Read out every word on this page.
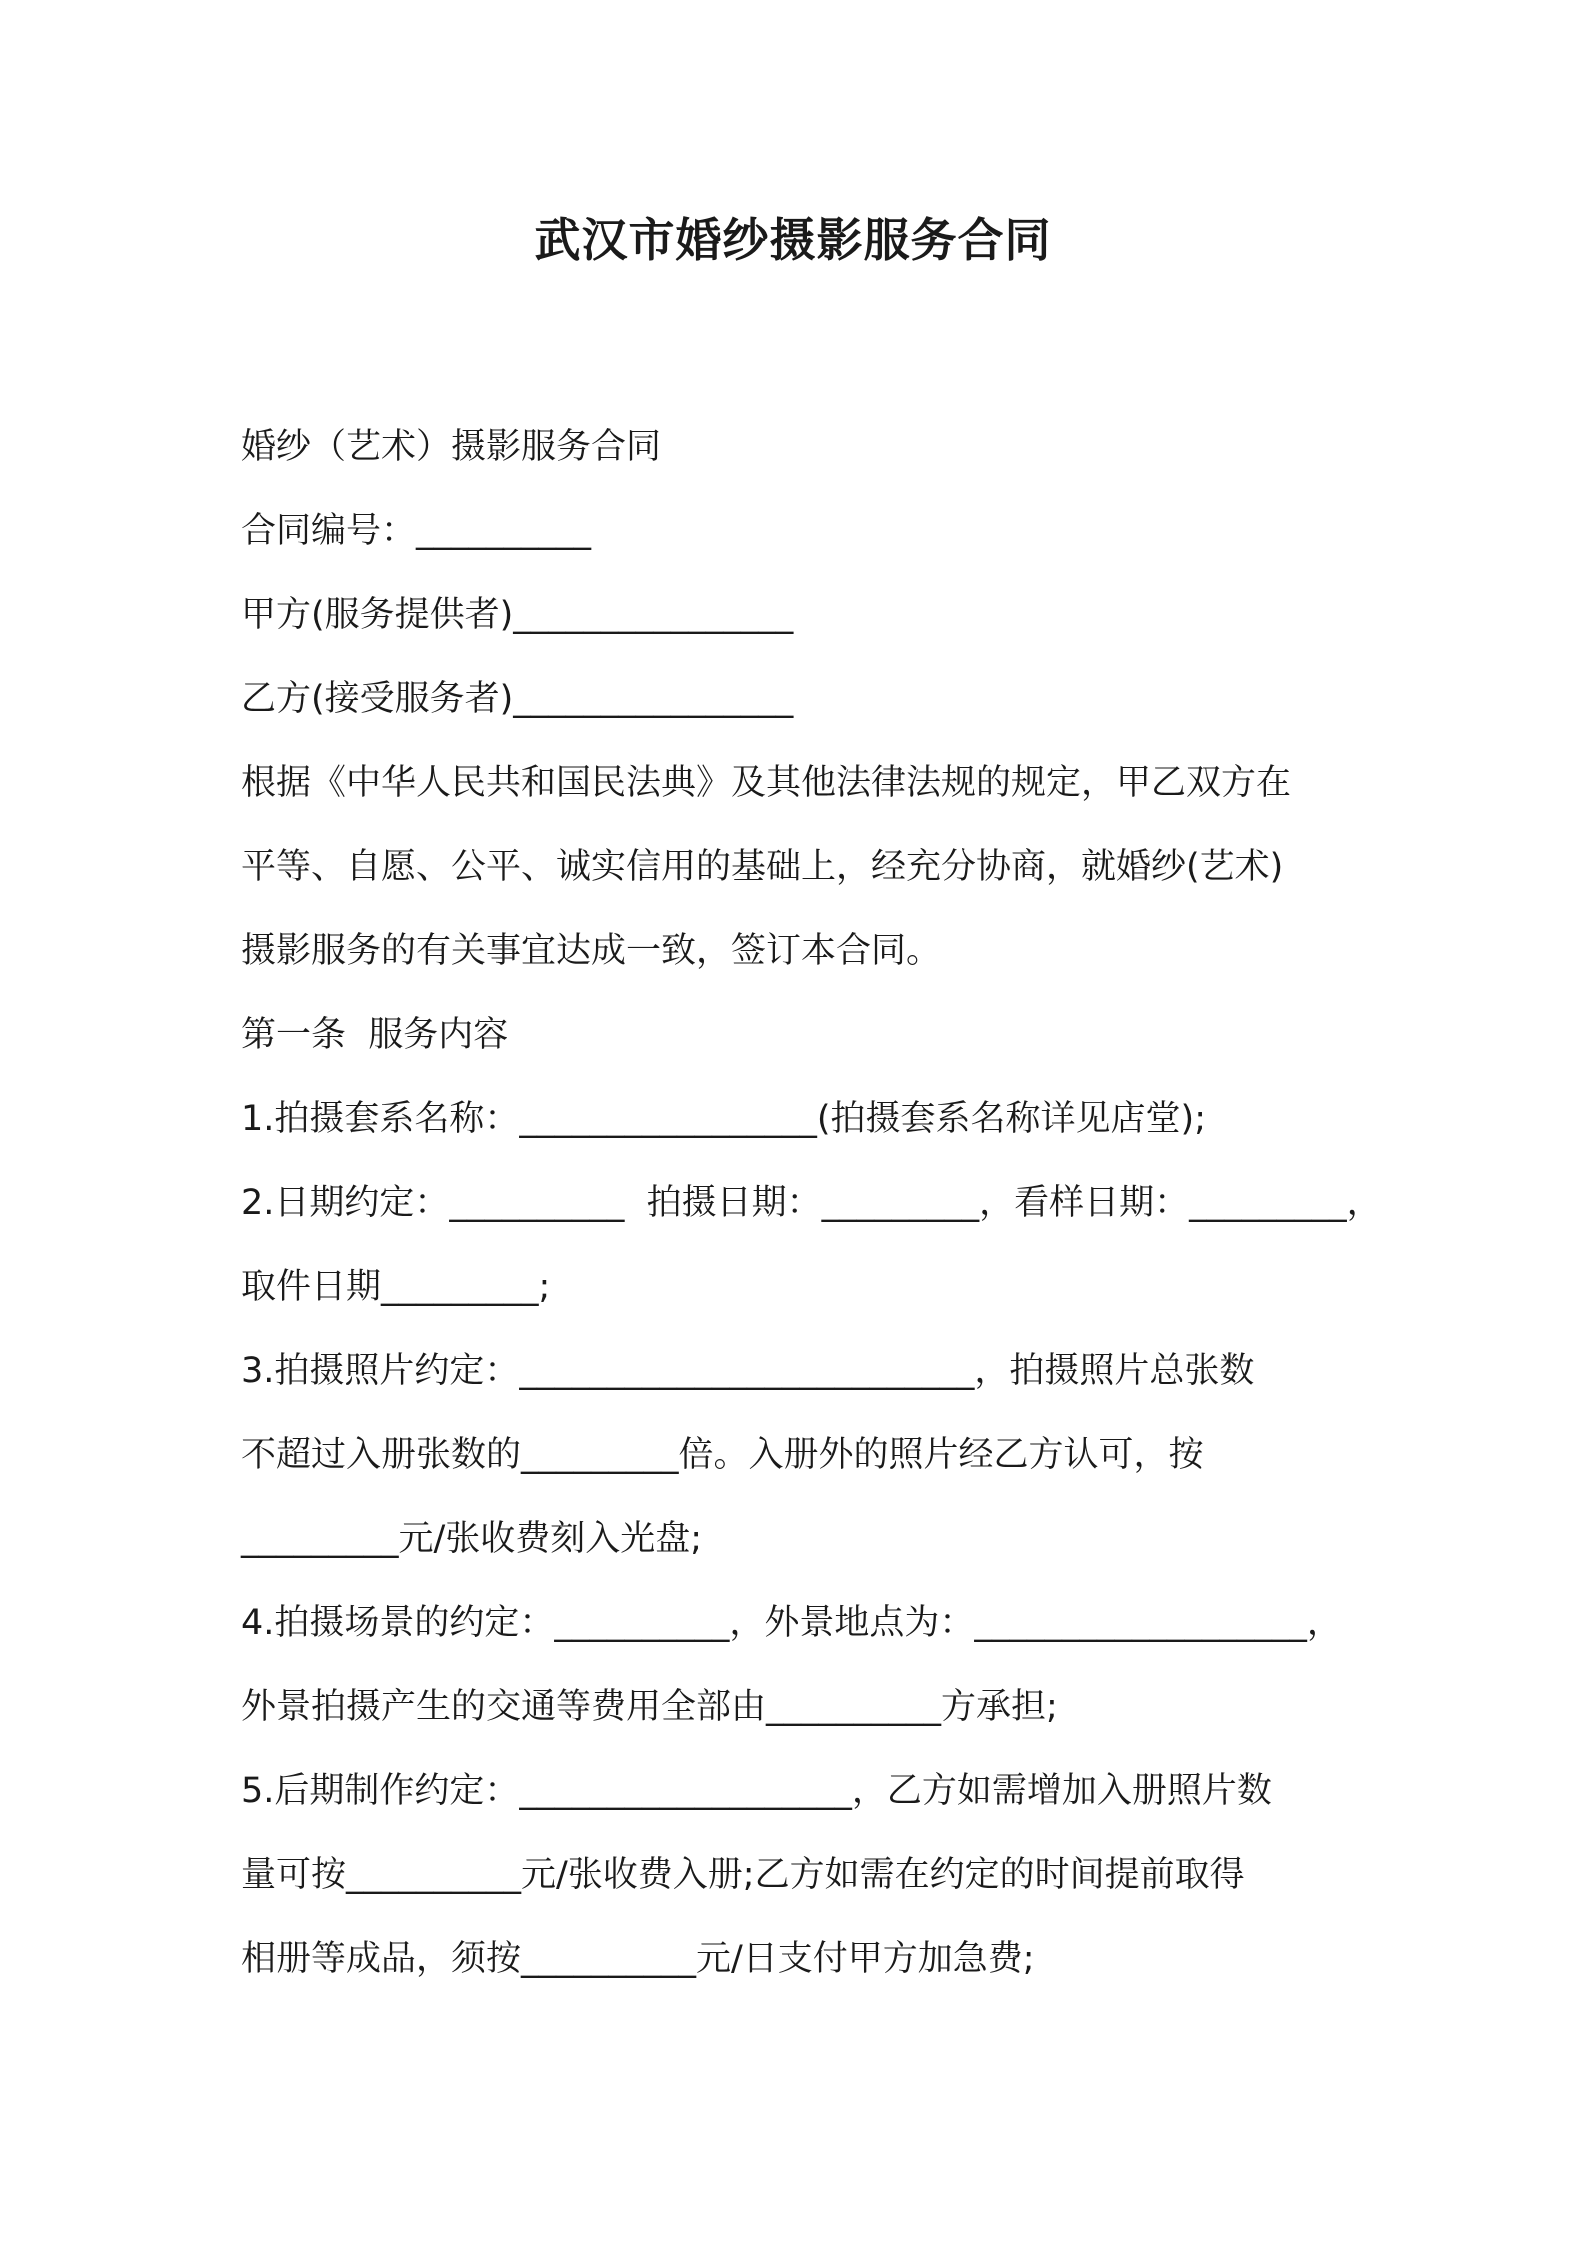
武汉市婚纱摄影服务合同
婚纱（艺术）摄影服务合同
合同编号：__________
甲方(服务提供者)________________
乙方(接受服务者)________________
根据《中华人民共和国民法典》及其他法律法规的规定，甲乙双方在
平等、自愿、公平、诚实信用的基础上，经充分协商，就婚纱(艺术)
摄影服务的有关事宜达成一致，签订本合同。
第一条  服务内容
1.拍摄套系名称：_________________(拍摄套系名称详见店堂);
2.日期约定：__________  拍摄日期：_________，看样日期：_________，
取件日期_________;
3.拍摄照片约定：__________________________，拍摄照片总张数
不超过入册张数的_________倍。入册外的照片经乙方认可，按
_________元/张收费刻入光盘;
4.拍摄场景的约定：__________，外景地点为：___________________，
外景拍摄产生的交通等费用全部由__________方承担;
5.后期制作约定：___________________，乙方如需增加入册照片数
量可按__________元/张收费入册;乙方如需在约定的时间提前取得
相册等成品，须按__________元/日支付甲方加急费;
